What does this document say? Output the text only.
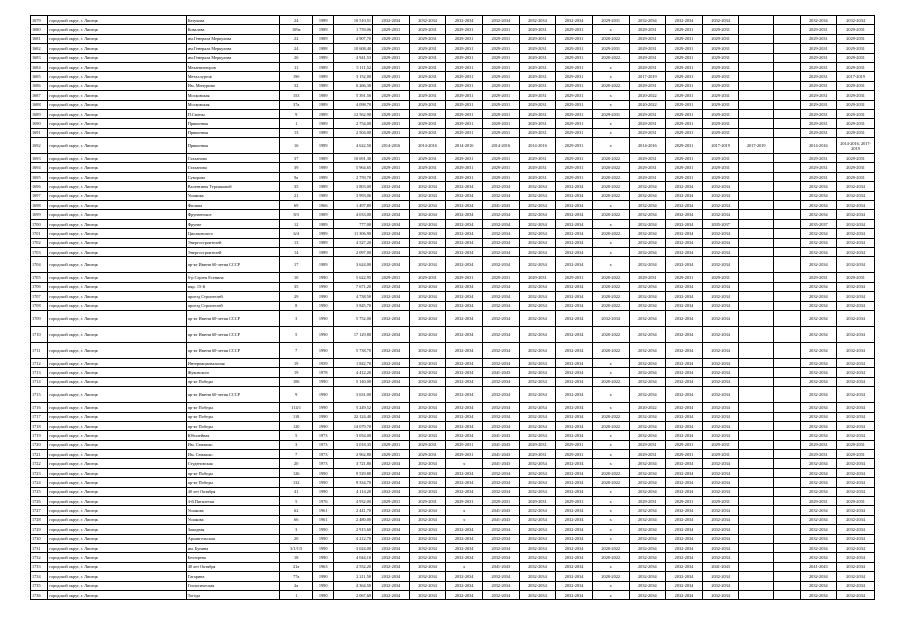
1679	городской округ, г. Липецк	Катукова	24	1989	10 510,51	2032-2034	2032-2034	2032-2034	2032-2034	2032-2034	2032-2034	2029-2031	2032-2034	2032-2034	2032-2034			2032-2034	2032-2034
1680	городской округ, г. Липецк	Ковалева	109а	1989	1 739,06	2029-2031	2029-2031	2029-2031	2029-2031	2029-2031	2029-2031	х	2029-2031	2029-2031	2029-2031			2029-2031	2029-2031
1681	городской округ, г. Липецк	им.Генерала Меркулова	22	1989	4 907,70	2029-2031	2029-2031	2029-2031	2029-2031	2029-2031	2029-2031	2020-2022	2029-2031	2029-2031	2029-2031			2029-2031	2029-2031
1682	городской округ, г. Липецк	им.Генерала Меркулова	24	1988	10 608,40	2029-2031	2029-2031	2029-2031	2029-2031	2029-2031	2029-2031	2029-2031	2029-2031	2029-2031	2029-2031			2029-2031	2029-2031
1683	городской округ, г. Липецк	им.Генерала Меркулова	26	1989	4 941,53	2029-2031	2029-2031	2029-2031	2029-2031	2029-2031	2029-2031	2020-2022	2029-2031	2029-2031	2029-2031			2029-2031	2029-2031
1684	городской округ, г. Липецк	Механизаторов	11	1989	5 111,52	2029-2031	2029-2031	2029-2031	2029-2031	2029-2031	2029-2031	х	2029-2031	2029-2031	2029-2031			2029-2031	2029-2031
1685	городской округ, г. Липецк	Металлургов	19б	1989	3 152,00	2029-2031	2029-2031	2029-2031	2029-2031	2029-2031	2029-2031	х	2017-2019	2029-2031	2029-2031			2029-2031	2017-2019
1686	городской округ, г. Липецк	Им. Мичурина	32	1989	6 266,30	2029-2031	2029-2031	2029-2031	2029-2031	2029-2031	2029-2031	2020-2022	2029-2031	2029-2031	2029-2031			2029-2031	2029-2031
1687	городской округ, г. Липецк	Московская	153	1989	5 391,50	2029-2031	2029-2031	2029-2031	2029-2031	2029-2031	2029-2031	х	2020-2022	2029-2031	2029-2031			2029-2031	2029-2031
1688	городской округ, г. Липецк	Московская	37а	1989	4 098,70	2029-2031	2029-2031	2029-2031	2029-2031	2029-2031	2029-2031	х	2020-2022	2029-2031	2029-2031			2029-2031	2029-2031
1689	городской округ, г. Липецк	П.Смены	9	1989	12 562,90	2029-2031	2029-2031	2029-2031	2029-2031	2029-2031	2029-2031	2029-2031	2029-2031	2029-2031	2029-2031			2029-2031	2029-2031
1690	городской округ, г. Липецк	Приконная	1	1989	2 754,00	2029-2031	2029-2031	2029-2031	2029-2031	2029-2031	2029-2031	х	2029-2031	2029-2031	2029-2031			2029-2031	2029-2031
1691	городской округ, г. Липецк	Приконная	13	1989	2 504,00	2029-2031	2029-2031	2029-2031	2029-2031	2029-2031	2029-2031	х	2029-2031	2029-2031	2029-2031			2029-2031	2029-2031
1692	городской округ, г. Липецк	Приконная	16	1989	4 622,50	2014-2016	2014-2016	2014-2016	2014-2016	2014-2016	2029-2031	х	2014-2016	2029-2031	2017-2019	2017-2019		2014-2016	2014-2016, 2017-2019
1693	городской округ, г. Липецк	Стаханова	37	1989	10 691,30	2029-2031	2029-2031	2029-2031	2029-2031	2029-2031	2029-2031	2020-2022	2029-2031	2029-2031	2029-2031			2029-2031	2029-2031
1694	городской округ, г. Липецк	Стаханова	39	1989	5 964,65	2029-2031	2029-2031	2029-2031	2029-2031	2029-2031	2029-2031	2020-2022	2029-2031	2029-2031	2029-2031			2029-2031	2029-2031
1695	городской округ, г. Липецк	Суворова	9а	1989	2 759,70	2029-2031	2029-2031	2029-2031	2029-2031	2029-2031	2029-2031	2020-2022	2029-2031	2029-2031	2029-2031			2029-2031	2029-2031
1696	городской округ, г. Липецк	Валентины Терешковой	35	1989	3 803,00	2032-2034	2032-2034	2032-2034	2032-2034	2032-2034	2032-2034	2020-2022	2032-2034	2032-2034	2032-2034			2032-2034	2032-2034
1697	городской округ, г. Липецк	Ушакова	21	1989	3 993,06	2032-2034	2032-2034	2032-2034	2032-2034	2032-2034	2032-2034	2020-2022	2032-2034	2032-2034	2032-2034			2032-2034	2032-2034
1698	городской округ, г. Липецк	Филипа	69	1966	1 497,80	2032-2034	2032-2034	2032-2034	2041-2043	2032-2034	2032-2034	х	2032-2034	2032-2034	2032-2034			2032-2034	2032-2034
1699	городской округ, г. Липецк	Фрунзенское	8/3	1989	4 033,00	2032-2034	2032-2034	2032-2034	2032-2034	2032-2034	2032-2034	2020-2022	2032-2034	2032-2034	2032-2034			2032-2034	2032-2034
1700	городской округ, г. Липецк	Фрунзе	12	1989	777,00	2032-2034	2032-2034	2032-2034	2032-2034	2032-2034	2032-2034	х	2032-2034	2032-2034	2035-2037			2035-2037	2032-2034
1701	городской округ, г. Липецк	Циолковского	6/4	1989	11 306,90	2032-2034	2032-2034	2032-2034	2032-2034	2032-2034	2032-2034	2020-2022	2032-2034	2032-2034	2032-2034			2032-2034	2032-2034
1702	городской округ, г. Липецк	Энергостроителей	13	1989	4 527,20	2032-2034	2032-2034	2032-2034	2032-2034	2032-2034	2032-2034	х	2032-2034	2032-2034	2032-2034			2032-2034	2032-2034
1703	городской округ, г. Липецк	Энергостроителей	14	1989	2 097,00	2032-2034	2032-2034	2032-2034	2032-2034	2032-2034	2032-2034	х	2032-2034	2032-2034	2032-2034			2032-2034	2032-2034
1704	городской округ, г. Липецк	пр-кт Имени 60-летия СССР	17	1989	3 624,00	2032-2034	2032-2034	2032-2034	2032-2034	2032-2034	2032-2034	х	2032-2034	2032-2034	2032-2034			2032-2034	2032-2034
1705	городской округ, г. Липецк	б-р Сергея Есенина	10	1990	5 622,95	2029-2031	2029-2031	2029-2031	2029-2031	2029-2031	2029-2031	2020-2022	2029-2031	2029-2031	2029-2031			2029-2031	2029-2031
1706	городской округ, г. Липецк	мкр. 15-й	35	1990	7 671,20	2032-2034	2032-2034	2032-2034	2032-2034	2032-2034	2032-2034	2020-2022	2032-2034	2032-2034	2032-2034			2032-2034	2032-2034
1707	городской округ, г. Липецк	проезд Строителей	29	1990	4 738,50	2032-2034	2032-2034	2032-2034	2032-2034	2032-2034	2032-2034	2020-2022	2032-2034	2032-2034	2032-2034			2032-2034	2032-2034
1708	городской округ, г. Липецк	проезд Строителей	8	1990	3 845,70	2032-2034	2032-2034	2032-2034	2032-2034	2032-2034	2032-2034	2020-2022	2032-2034	2032-2034	2032-2034			2032-2034	2032-2034
1709	городской округ, г. Липецк	пр-кт Имени 60-летия СССР	3	1990	5 752,00	2032-2034	2032-2034	2032-2034	2032-2034	2032-2034	2032-2034	2032-2034	2032-2034	2032-2034	2032-2034			2032-2034	2032-2034
1710	городской округ, г. Липецк	пр-кт Имени 60-летия СССР	5	1990	17 129,80	2032-2034	2032-2034	2032-2034	2032-2034	2032-2034	2032-2034	2020-2022	2032-2034	2032-2034	2032-2034			2032-2034	2032-2034
1711	городской округ, г. Липецк	пр-кт Имени 60-летия СССР	7	1990	5 738,70	2032-2034	2032-2034	2032-2034	2032-2034	2032-2034	2032-2034	2020-2022	2032-2034	2032-2034	2032-2034			2032-2034	2032-2034
1712	городской округ, г. Липецк	Интернациональная	19	1959	1 842,70	2032-2034	2032-2034	2032-2034	2032-2034	2032-2034	2032-2034	х	2032-2034	2032-2034	2032-2034			2032-2034	2032-2034
1713	городской округ, г. Липецк	Жуковского	19	1978	4 412,20	2032-2034	2032-2034	2032-2034	2041-2043	2032-2034	2032-2034	х	2032-2034	2032-2034	2032-2034			2032-2034	2032-2034
1714	городской округ, г. Липецк	пр-кт Победы	106	1990	5 140,00	2032-2034	2032-2034	2032-2034	2032-2034	2032-2034	2032-2034	2020-2022	2032-2034	2032-2034	2032-2034			2032-2034	2032-2034
1715	городской округ, г. Липецк	пр-кт Имени 60-летия СССР	9	1990	3 631,00	2032-2034	2032-2034	2032-2034	2032-2034	2032-2034	2032-2034	х	2032-2034	2032-2034	2032-2034			2032-2034	2032-2034
1716	городской округ, г. Липецк	пр-кт Победы	114/1	1990	5 249,52	2032-2034	2032-2034	2032-2034	2032-2034	2032-2034	2032-2034	х	2020-2022	2032-2034	2032-2034			2032-2034	2032-2034
1717	городской округ, г. Липецк	пр-кт Победы	118	1990	22 124,40	2032-2034	2032-2034	2032-2034	2032-2034	2032-2034	2032-2034	2020-2022	2032-2034	2032-2034	2032-2034			2032-2034	2032-2034
1718	городской округ, г. Липецк	пр-кт Победы	120	1990	14 079,70	2032-2034	2032-2034	2032-2034	2032-2034	2032-2034	2032-2034	2020-2022	2032-2034	2032-2034	2032-2034			2032-2034	2032-2034
1719	городской округ, г. Липецк	Юбилейная	5	1973	3 054,00	2032-2034	2032-2034	2032-2034	2041-2043	2032-2034	2032-2034	х	2032-2034	2032-2034	2032-2034			2032-2034	2032-2034
1720	городской округ, г. Липецк	Им. Семашко	3	1973	3 018,35	2029-2031	2029-2031	2029-2031	2041-2043	2029-2031	2029-2031	х	2029-2031	2029-2031	2029-2031			2029-2031	2029-2031
1721	городской округ, г. Липецк	Им. Семашко	7	1973	2 962,80	2029-2031	2029-2031	2029-2031	2041-2043	2029-2031	2029-2031	х	2029-2031	2029-2031	2029-2031			2029-2031	2029-2031
1722	городской округ, г. Липецк	Студеновская	20	1973	3 721,80	2032-2034	2032-2034	х	2041-2043	2032-2034	2032-2034	х	2032-2034	2032-2034	2032-2034			2032-2034	2032-2034
1723	городской округ, г. Липецк	пр-кт Победы	126	1990	9 529,80	2032-2034	2032-2034	2032-2034	2032-2034	2032-2034	2032-2034	2020-2022	2032-2034	2032-2034	2032-2034			2032-2034	2032-2034
1724	городской округ, г. Липецк	пр-кт Победы	132	1990	9 334,70	2032-2034	2032-2034	2032-2034	2032-2034	2032-2034	2032-2034	2020-2022	2032-2034	2032-2034	2032-2034			2032-2034	2032-2034
1725	городской округ, г. Липецк	40 лет Октября	41	1990	4 114,20	2032-2034	2032-2034	2032-2034	2032-2034	2032-2034	2032-2034	х	2032-2034	2032-2034	2032-2034			2032-2034	2032-2034
1726	городской округ, г. Липецк	4-й Пятилетки	5	1976	4 932,00	2029-2031	2029-2031	2029-2031	2029-2031	2029-2031	2029-2031	х	2029-2031	2029-2031	2029-2031			2029-2031	2029-2031
1727	городской округ, г. Липецк	Ушакова	62	1961	2 441,70	2032-2034	2032-2034	х	2041-2043	2032-2034	2032-2034	х	2032-2034	2032-2034	2032-2034			2032-2034	2032-2034
1728	городской округ, г. Липецк	Ушакова	66	1961	2 480,00	2032-2034	2032-2034	х	2041-2043	2032-2034	2032-2034	х	2032-2034	2032-2034	2032-2034			2032-2034	2032-2034
1729	городской округ, г. Липецк	Западная	3	1990	2 915,60	2032-2034	2032-2034	2032-2034	2032-2034	2032-2034	2032-2034	х	2032-2034	2032-2034	2032-2034			2032-2034	2032-2034
1730	городской округ, г. Липецк	Архангельская	20	1990	4 212,70	2032-2034	2032-2034	2032-2034	2032-2034	2032-2034	2032-2034	х	2032-2034	2032-2034	2032-2034			2032-2034	2032-2034
1731	городской округ, г. Липецк	им. Бунина	3/1/1/5	1990	3 024,00	2032-2034	2032-2034	2032-2034	2032-2034	2032-2034	2032-2034	2020-2022	2032-2034	2032-2034	2032-2034			2032-2034	2032-2034
1732	городской округ, г. Липецк	Бехтерева	18	1990	4 044,10	2032-2034	2032-2034	2032-2034	2032-2034	2032-2034	2032-2034	2020-2022	2032-2034	2032-2034	2032-2034			2032-2034	2032-2034
1733	городской округ, г. Липецк	40 лет Октября	21а	1963	2 552,20	2032-2034	2032-2034	х	2041-2043	2032-2034	2032-2034	х	2032-2034	2032-2034	2041-2043			2041-2043	2032-2034
1734	городской округ, г. Липецк	Гагарина	77а	1990	2 211,50	2032-2034	2032-2034	2032-2034	2032-2034	2032-2034	2032-2034	2020-2022	2032-2034	2032-2034	2032-2034			2032-2034	2032-2034
1735	городской округ, г. Липецк	Геологическая	2а	1990	4 364,50	2032-2034	2032-2034	2032-2034	2032-2034	2032-2034	2032-2034	х	2032-2034	2032-2034	2032-2034			2032-2034	2032-2034
1736	городской округ, г. Липецк	Тогода	1	1990	2 067,60	2032-2034	2032-2034	2032-2034	2032-2034	2032-2034	2032-2034	х	2032-2034	2032-2034	2032-2034			2032-2034	2032-2034
